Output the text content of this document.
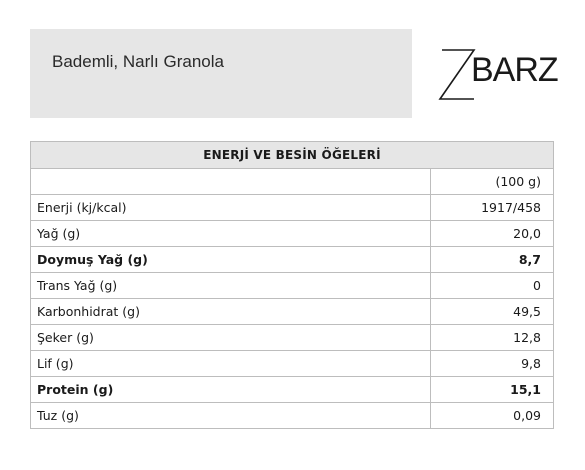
Bademli, Narlı Granola	BARZ
ENERJİ VE BESİN ÖĞELERİ	
	(100 g)
Enerji (kj/kcal)	1917/458
Yağ (g)	20,0
Doymuş Yağ (g)	8,7
Trans Yağ (g)	0
Karbonhidrat (g)	49,5
Şeker (g)	12,8
Lif (g)	9,8
Protein (g)	15,1
Tuz (g)	0,09
